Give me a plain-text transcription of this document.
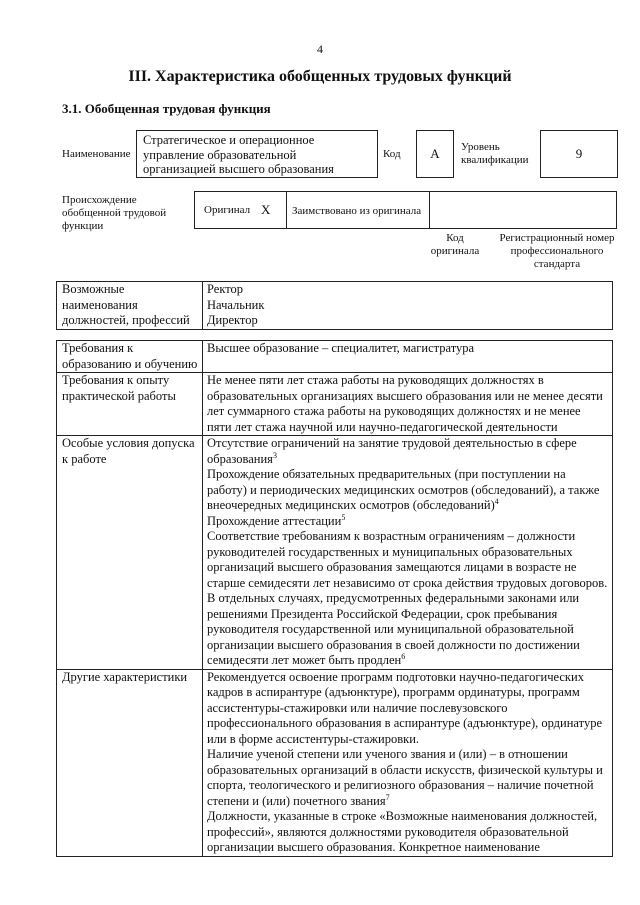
4
III. Характеристика обобщенных трудовых функций
3.1. Обобщенная трудовая функция
Наименование
Стратегическое и операционное управление образовательной организацией высшего образования
Код	А	Уровень квалификации	9
Происхождение обобщенной трудовой функции
Оригинал X Заимствовано из оригинала
Код оригинала
Регистрационный номер профессионального стандарта
Возможные наименования должностей, профессий	
Ректор
Начальник
Директор
Требования к образованию и обучению	Высшее образование – специалитет, магистратура
Требования к опыту практической работы	Не менее пяти лет стажа работы на руководящих должностях в образовательных организациях высшего образования или не менее десяти лет суммарного стажа работы на руководящих должностях и не менее пяти лет стажа научной или научно-педагогической деятельности
Особые условия допуска к работе	Отсутствие ограничений на занятие трудовой деятельностью в сфере образования$^3$
Прохождение обязательных предварительных (при поступлении на работу) и периодических медицинских осмотров (обследований), а также внеочередных медицинских осмотров (обследований)$^4$
Прохождение аттестации$^5$
Соответствие требованиям к возрастным ограничениям – должности руководителей государственных и муниципальных образовательных организаций высшего образования замещаются лицами в возрасте не старше семидесяти лет независимо от срока действия трудовых договоров. В отдельных случаях, предусмотренных федеральными законами или решениями Президента Российской Федерации, срок пребывания руководителя государственной или муниципальной образовательной организации высшего образования в своей должности по достижении семидесяти лет может быть продлен$^6$

Другие характеристики	Рекомендуется освоение программ подготовки научно-педагогических кадров в аспирантуре (адъюнктуре), программ ординатуры, программ ассистентуры-стажировки или наличие послевузовского профессионального образования в аспирантуре (адъюнктуре), ординатуре или в форме ассистентуры-стажировки.
Наличие ученой степени или ученого звания и (или) – в отношении образовательных организаций в области искусств, физической культуры и спорта, теологического и религиозного образования – наличие почетной степени и (или) почетного звания$^7$
Должности, указанные в строке «Возможные наименования должностей, профессий», являются должностями руководителя образовательной организации высшего образования. Конкретное наименование
